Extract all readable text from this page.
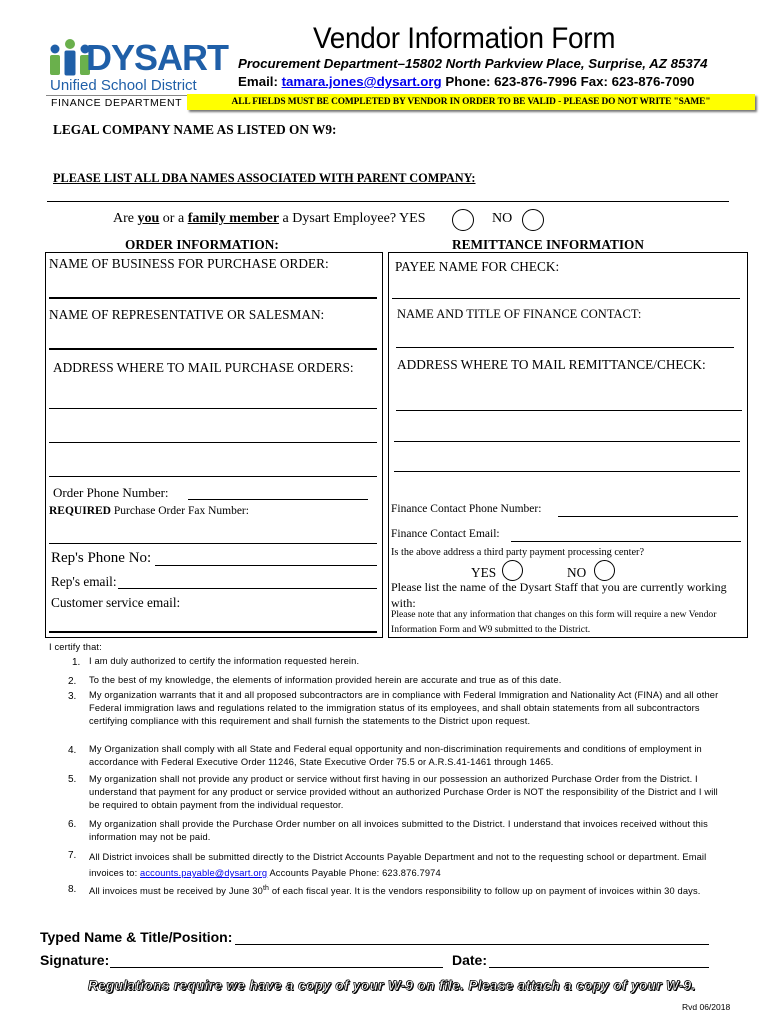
DYSART
Unified School District
FINANCE DEPARTMENT
Vendor Information Form
Procurement Department–15802 North Parkview Place, Surprise, AZ 85374
Email: tamara.jones@dysart.org Phone: 623-876-7996 Fax: 623-876-7090
ALL FIELDS MUST BE COMPLETED BY VENDOR IN ORDER TO BE VALID - PLEASE DO NOT WRITE "SAME"
LEGAL COMPANY NAME AS LISTED ON W9:
PLEASE LIST ALL DBA NAMES ASSOCIATED WITH PARENT COMPANY:
Are you or a family member a Dysart Employee? YES	NO
ORDER INFORMATION:
NAME OF BUSINESS FOR PURCHASE ORDER:
NAME OF REPRESENTATIVE OR SALESMAN:
ADDRESS WHERE TO MAIL PURCHASE ORDERS:
Order Phone Number:
REQUIRED Purchase Order Fax Number:
Rep's Phone No:
Rep's email:
Customer service email:
REMITTANCE INFORMATION
PAYEE NAME FOR CHECK:
NAME AND TITLE OF FINANCE CONTACT:
ADDRESS WHERE TO MAIL REMITTANCE/CHECK:
Finance Contact Phone Number:
Finance Contact Email:
Is the above address a third party payment processing center?
YES	NO
Please list the name of the Dysart Staff that you are currently working with:
Please note that any information that changes on this form will require a new Vendor Information Form and W9 submitted to the District.
I certify that:
1. I am duly authorized to certify the information requested herein.
2. To the best of my knowledge, the elements of information provided herein are accurate and true as of this date.
3. My organization warrants that it and all proposed subcontractors are in compliance with Federal Immigration and Nationality Act (FINA) and all other Federal immigration laws and regulations related to the immigration status of its employees, and shall obtain statements from all subcontractors certifying compliance with this requirement and shall furnish the statements to the District upon request.
4. My Organization shall comply with all State and Federal equal opportunity and non-discrimination requirements and conditions of employment in accordance with Federal Executive Order 11246, State Executive Order 75.5 or A.R.S.41-1461 through 1465.
5. My organization shall not provide any product or service without first having in our possession an authorized Purchase Order from the District. I understand that payment for any product or service provided without an authorized Purchase Order is NOT the responsibility of the District and I will be required to obtain payment from the individual requestor.
6. My organization shall provide the Purchase Order number on all invoices submitted to the District. I understand that invoices received without this information may not be paid.
7. All District invoices shall be submitted directly to the District Accounts Payable Department and not to the requesting school or department. Email invoices to: accounts.payable@dysart.org Accounts Payable Phone: 623.876.7974
8. All invoices must be received by June 30th of each fiscal year. It is the vendors responsibility to follow up on payment of invoices within 30 days.
Typed Name & Title/Position:
Signature:	Date:
Regulations require we have a copy of your W-9 on file. Please attach a copy of your W-9.
Rvd 06/2018
